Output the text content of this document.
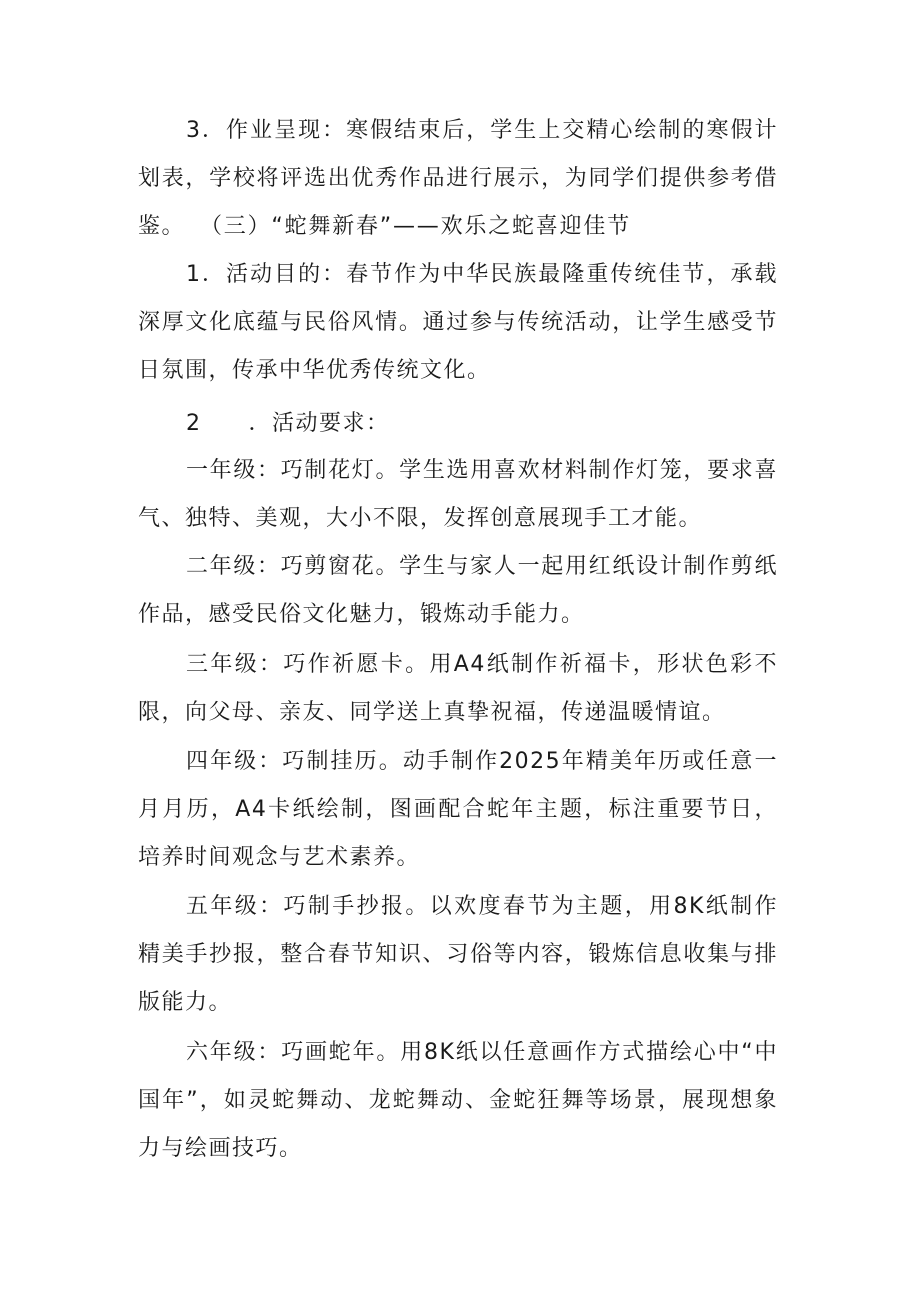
3．作业呈现：寒假结束后，学生上交精心绘制的寒假计划表，学校将评选出优秀作品进行展示，为同学们提供参考借鉴。 （三）“蛇舞新春”——欢乐之蛇喜迎佳节

1．活动目的：春节作为中华民族最隆重传统佳节，承载深厚文化底蕴与民俗风情。通过参与传统活动，让学生感受节日氛围，传承中华优秀传统文化。

2　　．活动要求：

一年级：巧制花灯。学生选用喜欢材料制作灯笼，要求喜气、独特、美观，大小不限，发挥创意展现手工才能。

二年级：巧剪窗花。学生与家人一起用红纸设计制作剪纸作品，感受民俗文化魅力，锻炼动手能力。

三年级：巧作祈愿卡。用A4纸制作祈福卡，形状色彩不限，向父母、亲友、同学送上真挚祝福，传递温暖情谊。

四年级：巧制挂历。动手制作2025年精美年历或任意一月月历，A4卡纸绘制，图画配合蛇年主题，标注重要节日，培养时间观念与艺术素养。

五年级：巧制手抄报。以欢度春节为主题，用8K纸制作精美手抄报，整合春节知识、习俗等内容，锻炼信息收集与排版能力。

六年级：巧画蛇年。用8K纸以任意画作方式描绘心中“中国年”，如灵蛇舞动、龙蛇舞动、金蛇狂舞等场景，展现想象力与绘画技巧。
